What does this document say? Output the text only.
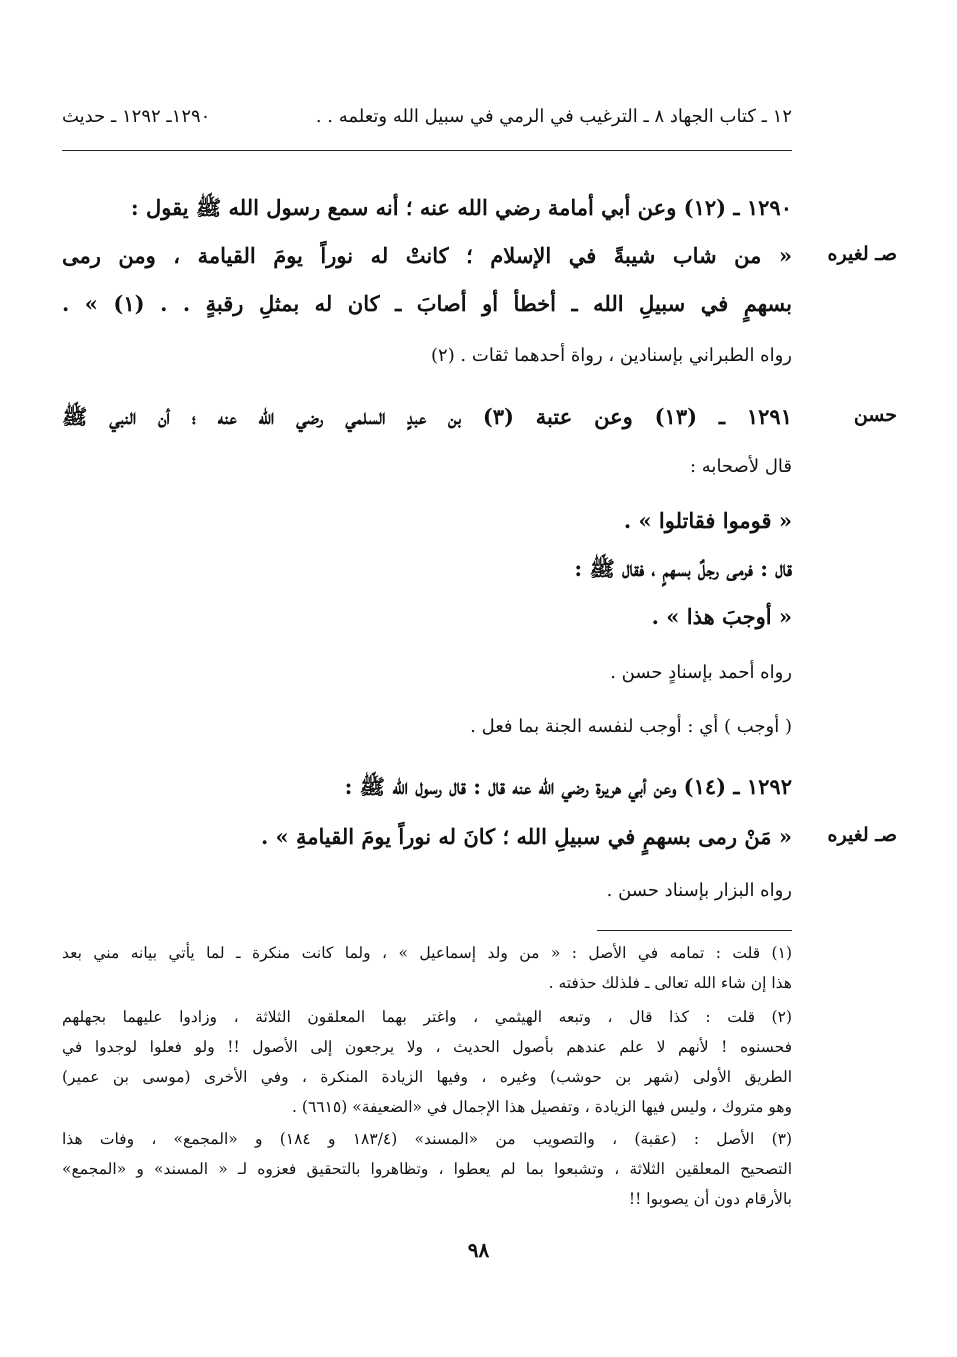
١٢ ـ كتاب الجهاد ٨ ـ الترغيب في الرمي في سبيل الله وتعلمه . .
١٢٩٠ـ ١٢٩٢ ـ حديث
١٢٩٠ ـ (١٢) وعن أبي أمامة رضي الله عنه ؛ أنه سمع رسول الله ﷺ يقول :
« من شاب شيبةً في الإسلام ؛ كانتْ له نوراً يومَ القيامة ، ومن رمى
بسهمٍ في سبيلِ الله ـ أخطأ أو أصابَ ـ كان له بمثلِ رقبةٍ . . (١) » .
رواه الطبراني بإسنادين ، رواة أحدهما ثقات . (٢)
صـ لغيره
١٢٩١ ـ (١٣) وعن عتبة (٣) بن عبدٍ السلمي رضي الله عنه ؛ أن النبي ﷺ
قال لأصحابه :
« قوموا فقاتلوا » .
قال : فرمى رجلٌ بسهمٍ ، فقال ﷺ :
« أوجبَ هذا » .
رواه أحمد بإسنادٍ حسن .
( أوجب ) أي : أوجب لنفسه الجنة بما فعل .
حسن
١٢٩٢ ـ (١٤) وعن أبي هريرة رضي الله عنه قال : قال رسول الله ﷺ :
« مَنْ رمى بسهمٍ في سبيلِ الله ؛ كانَ له نوراً يومَ القيامةِ » .
رواه البزار بإسناد حسن .
صـ لغيره
(١) قلت : تمامه في الأصل : « من ولد إسماعيل » ، ولما كانت منكرة ـ لما يأتي بيانه مني بعد
هذا إن شاء الله تعالى ـ فلذلك حذفته .
(٢) قلت : كذا قال ، وتبعه الهيثمي ، واغتر بهما المعلقون الثلاثة ، وزادوا عليهما بجهلهم
فحسنوه ! لأنهم لا علم عندهم بأصول الحديث ، ولا يرجعون إلى الأصول !! ولو فعلوا لوجدوا في
الطريق الأولى (شهر بن حوشب) وغيره ، وفيها الزيادة المنكرة ، وفي الأخرى (موسى بن عمير)
وهو متروك ، وليس فيها الزيادة ، وتفصيل هذا الإجمال في «الضعيفة» (٦٦١٥) .
(٣) الأصل : (عقبة) ، والتصويب من «المسند» (١٨٣/٤ و ١٨٤) و «المجمع» ، وفات هذا
التصحيح المعلقين الثلاثة ، وتشبعوا بما لم يعطوا ، وتظاهروا بالتحقيق فعزوه لـ « المسند» و «المجمع»
بالأرقام دون أن يصوبوا !!
٩٨
